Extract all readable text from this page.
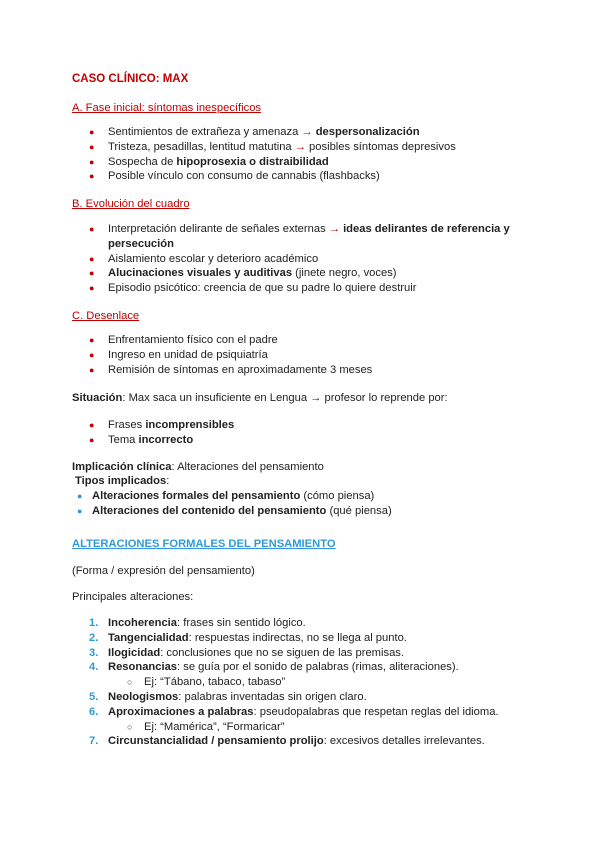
CASO CLÍNICO: MAX
A. Fase inicial: síntomas inespecíficos
● Sentimientos de extrañeza y amenaza → despersonalización
● Tristeza, pesadillas, lentitud matutina → posibles síntomas depresivos
● Sospecha de hipoprosexia o distraibilidad
● Posible vínculo con consumo de cannabis (flashbacks)
B. Evolución del cuadro
● Interpretación delirante de señales externas → ideas delirantes de referencia y persecución
● Aislamiento escolar y deterioro académico
● Alucinaciones visuales y auditivas (jinete negro, voces)
● Episodio psicótico: creencia de que su padre lo quiere destruir
C. Desenlace
● Enfrentamiento físico con el padre
● Ingreso en unidad de psiquiatría
● Remisión de síntomas en aproximadamente 3 meses
Situación: Max saca un insuficiente en Lengua → profesor lo reprende por:
● Frases incomprensibles
● Tema incorrecto
Implicación clínica: Alteraciones del pensamiento
Tipos implicados:
● Alteraciones formales del pensamiento (cómo piensa)
● Alteraciones del contenido del pensamiento (qué piensa)
ALTERACIONES FORMALES DEL PENSAMIENTO
(Forma / expresión del pensamiento)
Principales alteraciones:
1. Incoherencia: frases sin sentido lógico.
2. Tangencialidad: respuestas indirectas, no se llega al punto.
3. Ilogicidad: conclusiones que no se siguen de las premisas.
4. Resonancias: se guía por el sonido de palabras (rimas, aliteraciones).
○ Ej: “Tábano, tabaco, tabaso”
5. Neologismos: palabras inventadas sin origen claro.
6. Aproximaciones a palabras: pseudopalabras que respetan reglas del idioma.
○ Ej: “Mamérica”, “Formaricar”
7. Circunstancialidad / pensamiento prolijo: excesivos detalles irrelevantes.
